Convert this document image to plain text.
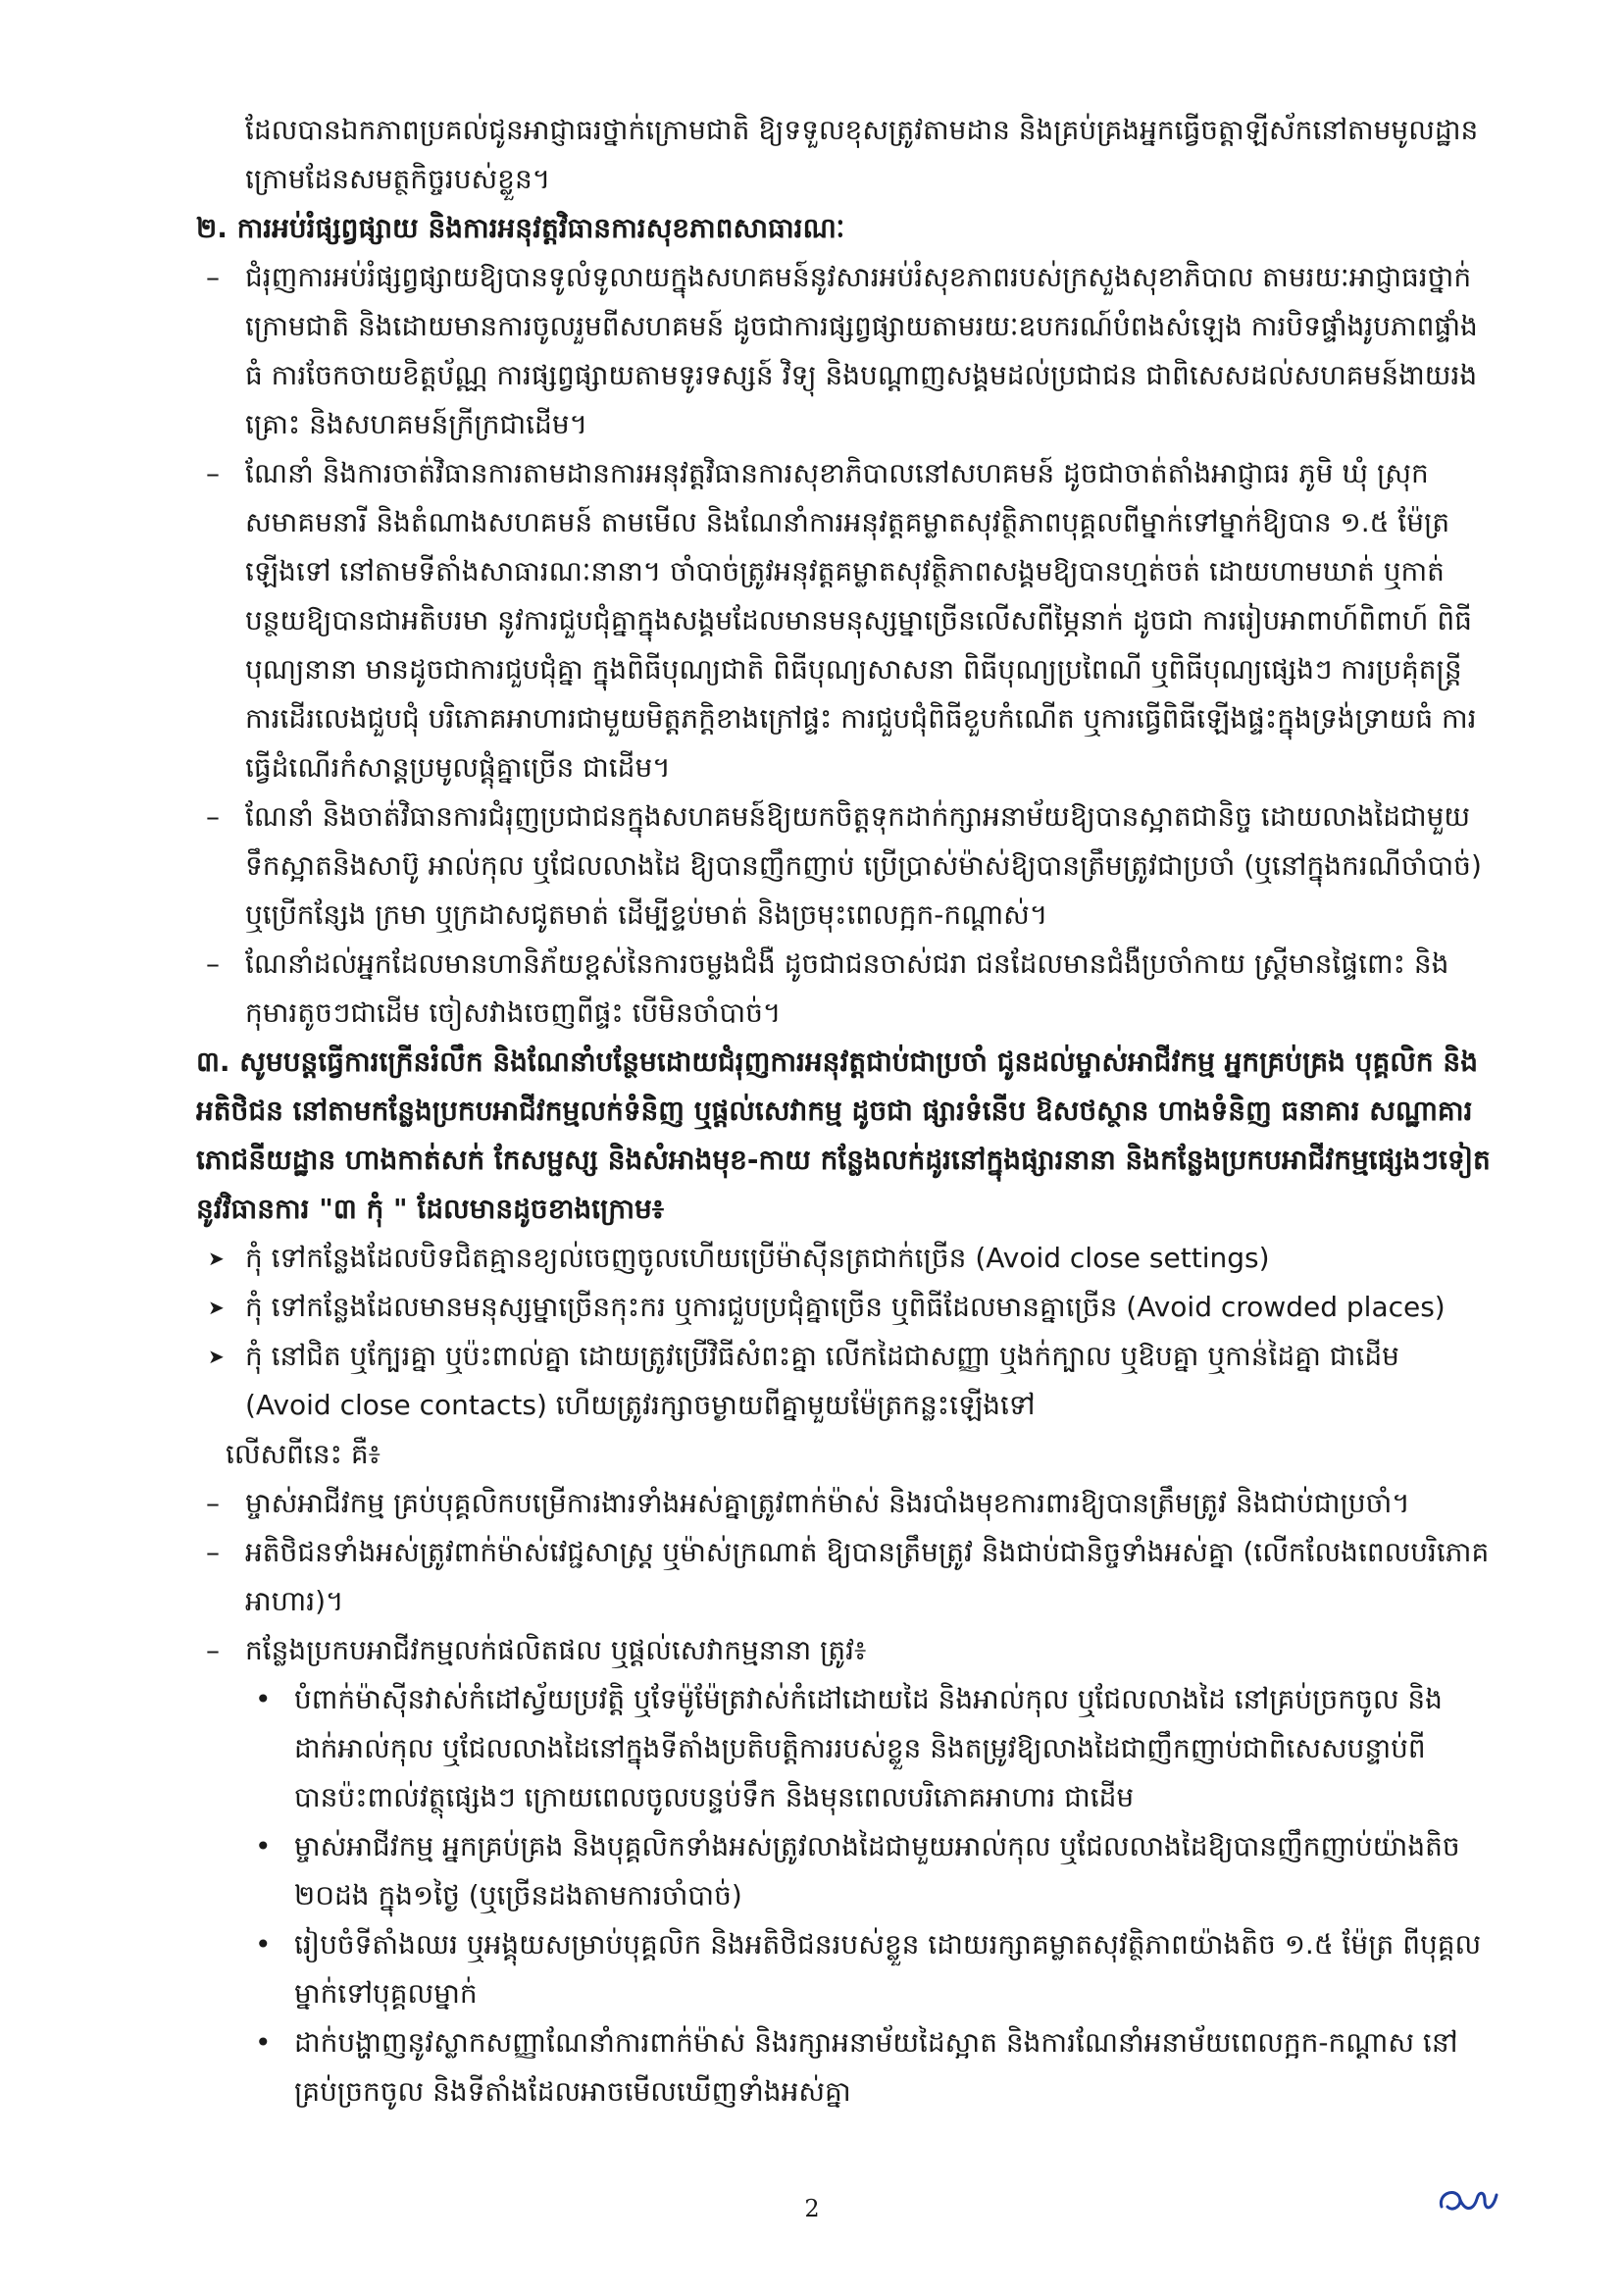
ដែលបានឯកភាពប្រគល់ជូនអាជ្ញាធរថ្នាក់ក្រោមជាតិ ឱ្យទទួលខុសត្រូវតាមដាន និងគ្រប់គ្រងអ្នកធ្វើចត្តាឡីស័កនៅតាមមូលដ្ឋាន ក្រោមដែនសមត្ថកិច្ចរបស់ខ្លួន។

២. ការអប់រំផ្សព្វផ្សាយ និងការអនុវត្តវិធានការសុខភាពសាធារណៈ

– ជំរុញការអប់រំផ្សព្វផ្សាយឱ្យបានទូលំទូលាយក្នុងសហគមន៍នូវសារអប់រំសុខភាពរបស់ក្រសួងសុខាភិបាល តាមរយៈអាជ្ញាធរថ្នាក់ក្រោមជាតិ និងដោយមានការចូលរួមពីសហគមន៍ ដូចជាការផ្សព្វផ្សាយតាមរយៈឧបករណ៍បំពងសំឡេង ការបិទផ្ទាំងរូបភាពផ្ទាំងធំ ការចែកចាយខិត្តប័ណ្ណ ការផ្សព្វផ្សាយតាមទូរទស្សន៍ វិទ្យុ និងបណ្តាញសង្គមដល់ប្រជាជន ជាពិសេសដល់សហគមន៍ងាយរងគ្រោះ និងសហគមន៍ក្រីក្រជាដើម។

– ណែនាំ និងការចាត់វិធានការតាមដានការអនុវត្តវិធានការសុខាភិបាលនៅសហគមន៍ ដូចជាចាត់តាំងអាជ្ញាធរ ភូមិ ឃុំ ស្រុក សមាគមនារី និងតំណាងសហគមន៍ តាមមើល និងណែនាំការអនុវត្តគម្លាតសុវត្ថិភាពបុគ្គលពីម្នាក់ទៅម្នាក់ឱ្យបាន ១.៥ ម៉ែត្រ ឡើងទៅ នៅតាមទីតាំងសាធារណៈនានា។ ចាំបាច់ត្រូវអនុវត្តគម្លាតសុវត្ថិភាពសង្គមឱ្យបានហ្មត់ចត់ ដោយហាមឃាត់ ឬកាត់បន្ថយឱ្យបានជាអតិបរមា នូវការជួបជុំគ្នាក្នុងសង្គមដែលមានមនុស្សម្នាច្រើនលើសពីម្ភៃនាក់ ដូចជា ការរៀបអាពាហ៍ពិពាហ៍ ពិធីបុណ្យនានា មានដូចជាការជួបជុំគ្នា ក្នុងពិធីបុណ្យជាតិ ពិធីបុណ្យសាសនា ពិធីបុណ្យប្រពៃណី ឬពិធីបុណ្យផ្សេងៗ ការប្រគុំតន្ត្រី ការដើរលេងជួបជុំ បរិភោគអាហារជាមួយមិត្តភក្តិខាងក្រៅផ្ទះ ការជួបជុំពិធីខួបកំណើត ឬការធ្វើពិធីឡើងផ្ទះក្នុងទ្រង់ទ្រាយធំ ការធ្វើដំណើរកំសាន្តប្រមូលផ្តុំគ្នាច្រើន ជាដើម។

– ណែនាំ និងចាត់វិធានការជំរុញប្រជាជនក្នុងសហគមន៍ឱ្យយកចិត្តទុកដាក់ក្សាអនាម័យឱ្យបានស្អាតជានិច្ច ដោយលាងដៃជាមួយទឹកស្អាតនិងសាប៊ូ អាល់កុល ឬជែលលាងដៃ ឱ្យបានញឹកញាប់ ប្រើប្រាស់ម៉ាស់ឱ្យបានត្រឹមត្រូវជាប្រចាំ (ឬនៅក្នុងករណីចាំបាច់) ឬប្រើកន្សែង ក្រមា ឬក្រដាសជូតមាត់ ដើម្បីខ្ទប់មាត់ និងច្រមុះពេលក្អក-កណ្តាស់។

– ណែនាំដល់អ្នកដែលមានហានិភ័យខ្ពស់នៃការចម្លងជំងឺ ដូចជាជនចាស់ជរា ជនដែលមានជំងឺប្រចាំកាយ ស្ត្រីមានផ្ទៃពោះ និងកុមារតូចៗជាដើម ចៀសវាងចេញពីផ្ទះ បើមិនចាំបាច់។

៣. សូមបន្តធ្វើការក្រើនរំលឹក និងណែនាំបន្ថែមដោយជំរុញការអនុវត្តជាប់ជាប្រចាំ ជូនដល់ម្ចាស់អាជីវកម្ម អ្នកគ្រប់គ្រង បុគ្គលិក និងអតិថិជន នៅតាមកន្លែងប្រកបអាជីវកម្មលក់ទំនិញ ឬផ្តល់សេវាកម្ម ដូចជា ផ្សារទំនើប ឱសថស្ថាន ហាងទំនិញ ធនាគារ សណ្ឋាគារ ភោជនីយដ្ឋាន ហាងកាត់សក់ កែសម្ផស្ស និងសំអាងមុខ-កាយ កន្លែងលក់ដូរនៅក្នុងផ្សារនានា និងកន្លែងប្រកបអាជីវកម្មផ្សេងៗទៀត នូវវិធានការ "៣ កុំ " ដែលមានដូចខាងក្រោម៖

➤ កុំ ទៅកន្លែងដែលបិទជិតគ្មានខ្យល់ចេញចូលហើយប្រើម៉ាស៊ីនត្រជាក់ច្រើន (Avoid close settings)

➤ កុំ ទៅកន្លែងដែលមានមនុស្សម្នាច្រើនកុះករ ឬការជួបប្រជុំគ្នាច្រើន ឬពិធីដែលមានគ្នាច្រើន (Avoid crowded places)

➤ កុំ នៅជិត ឬក្បែរគ្នា ឬប៉ះពាល់គ្នា ដោយត្រូវប្រើវិធីសំពះគ្នា លើកដៃជាសញ្ញា ឬងក់ក្បាល ឬឱបគ្នា ឬកាន់ដៃគ្នា ជាដើម (Avoid close contacts) ហើយត្រូវរក្សាចម្ងាយពីគ្នាមួយម៉ែត្រកន្លះឡើងទៅ

លើសពីនេះ គឺ៖

– ម្ចាស់អាជីវកម្ម គ្រប់បុគ្គលិកបម្រើការងារទាំងអស់គ្នាត្រូវពាក់ម៉ាស់ និងរបាំងមុខការពារឱ្យបានត្រឹមត្រូវ និងជាប់ជាប្រចាំ។

– អតិថិជនទាំងអស់ត្រូវពាក់ម៉ាស់វេជ្ជសាស្ត្រ ឬម៉ាស់ក្រណាត់ ឱ្យបានត្រឹមត្រូវ និងជាប់ជានិច្ចទាំងអស់គ្នា (លើកលែងពេលបរិភោគអាហារ)។

– កន្លែងប្រកបអាជីវកម្មលក់ផលិតផល ឬផ្តល់សេវាកម្មនានា ត្រូវ៖

• បំពាក់ម៉ាស៊ីនវាស់កំដៅស្វ័យប្រវត្តិ ឬទែម៉ូម៉ែត្រវាស់កំដៅដោយដៃ និងអាល់កុល ឬជែលលាងដៃ នៅគ្រប់ច្រកចូល និងដាក់អាល់កុល ឬជែលលាងដៃនៅក្នុងទីតាំងប្រតិបត្តិការរបស់ខ្លួន និងតម្រូវឱ្យលាងដៃជាញឹកញាប់ជាពិសេសបន្ទាប់ពីបានប៉ះពាល់វត្ថុផ្សេងៗ ក្រោយពេលចូលបន្ទប់ទឹក និងមុនពេលបរិភោគអាហារ ជាដើម

• ម្ចាស់អាជីវកម្ម អ្នកគ្រប់គ្រង និងបុគ្គលិកទាំងអស់ត្រូវលាងដៃជាមួយអាល់កុល ឬជែលលាងដៃឱ្យបានញឹកញាប់យ៉ាងតិច ២០ដង ក្នុង១ថ្ងៃ (ឬច្រើនដងតាមការចាំបាច់)

• រៀបចំទីតាំងឈរ ឬអង្គុយសម្រាប់បុគ្គលិក និងអតិថិជនរបស់ខ្លួន ដោយរក្សាគម្លាតសុវត្ថិភាពយ៉ាងតិច ១.៥ ម៉ែត្រ ពីបុគ្គលម្នាក់ទៅបុគ្គលម្នាក់

• ដាក់បង្ហាញនូវស្លាកសញ្ញាណែនាំការពាក់ម៉ាស់ និងរក្សាអនាម័យដៃស្អាត និងការណែនាំអនាម័យពេលក្អក-កណ្តាស នៅគ្រប់ច្រកចូល និងទីតាំងដែលអាចមើលឃើញទាំងអស់គ្នា

2
